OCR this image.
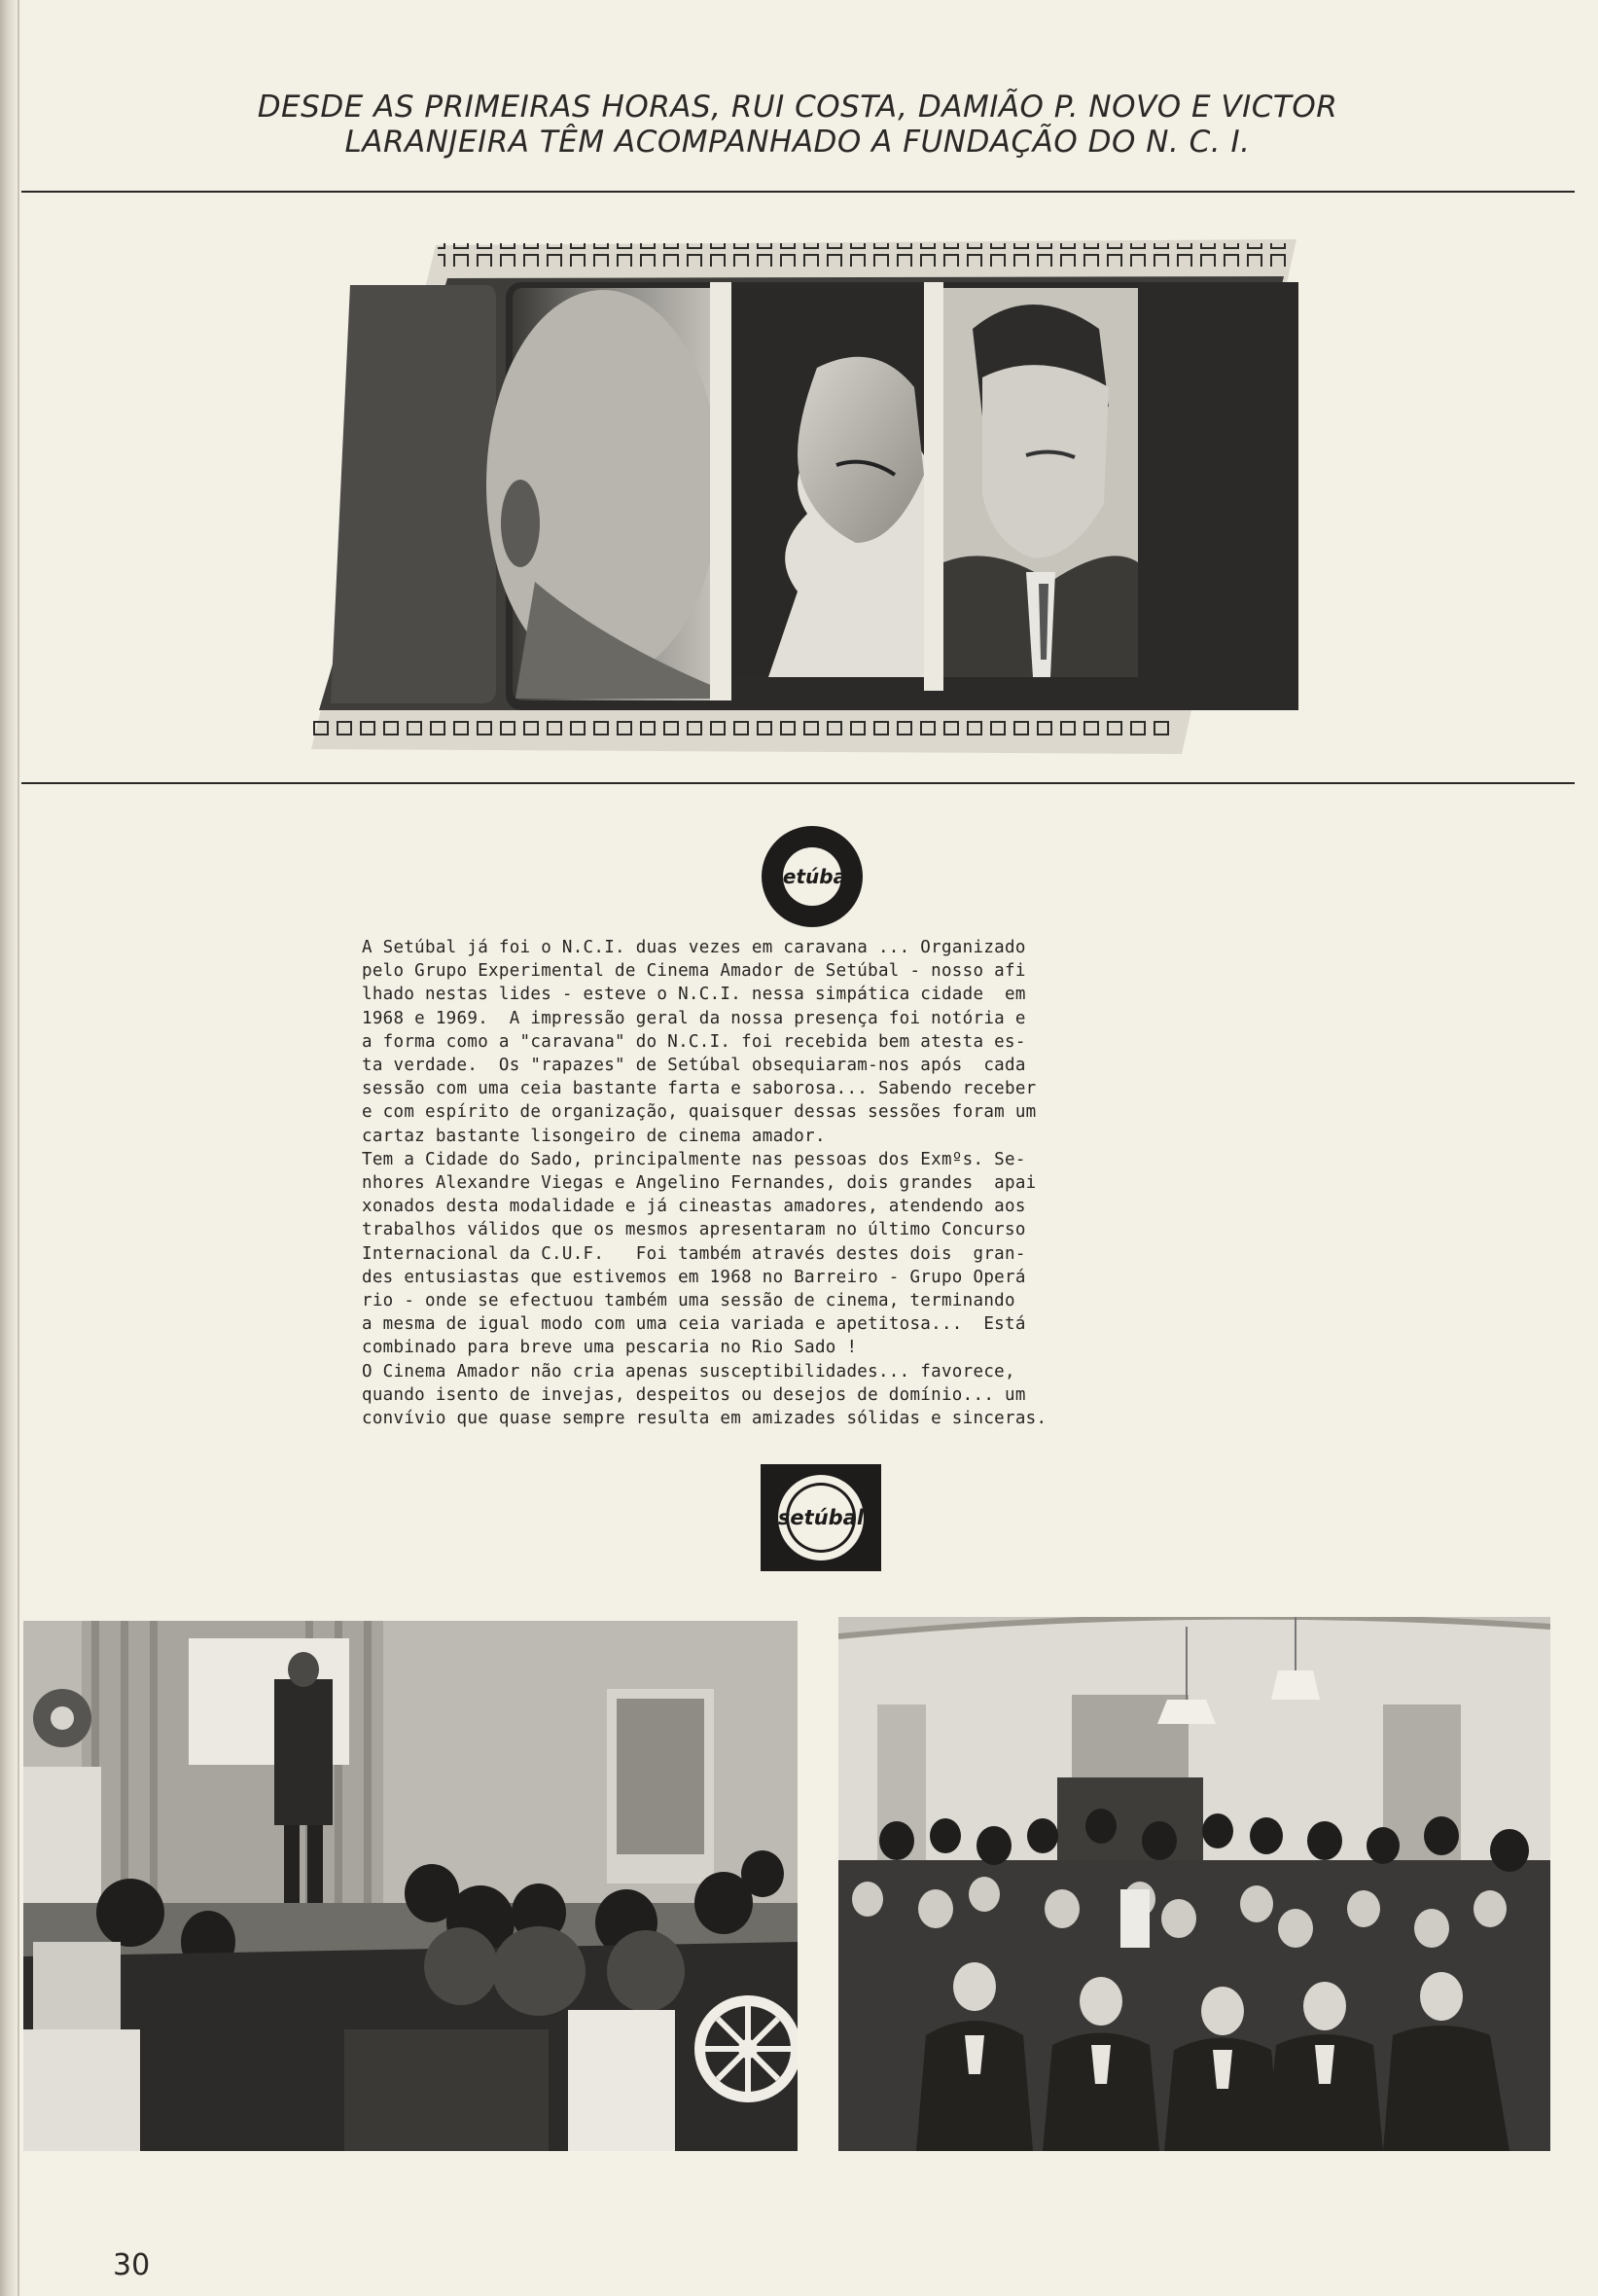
DESDE AS PRIMEIRAS HORAS, RUI COSTA, DAMIÃO P. NOVO E VICTOR
LARANJEIRA TÊM ACOMPANHADO A FUNDAÇÃO DO N. C. I.
setúbal
A Setúbal já foi o N.C.I. duas vezes em caravana ... Organizado
pelo Grupo Experimental de Cinema Amador de Setúbal - nosso afi
lhado nestas lides - esteve o N.C.I. nessa simpática cidade  em
1968 e 1969.  A impressão geral da nossa presença foi notória e
a forma como a "caravana" do N.C.I. foi recebida bem atesta es-
ta verdade.  Os "rapazes" de Setúbal obsequiaram-nos após  cada
sessão com uma ceia bastante farta e saborosa... Sabendo receber
e com espírito de organização, quaisquer dessas sessões foram um
cartaz bastante lisongeiro de cinema amador.
Tem a Cidade do Sado, principalmente nas pessoas dos Exmºs. Se-
nhores Alexandre Viegas e Angelino Fernandes, dois grandes  apai
xonados desta modalidade e já cineastas amadores, atendendo aos
trabalhos válidos que os mesmos apresentaram no último Concurso
Internacional da C.U.F.   Foi também através destes dois  gran-
des entusiastas que estivemos em 1968 no Barreiro - Grupo Operá
rio - onde se efectuou também uma sessão de cinema, terminando
a mesma de igual modo com uma ceia variada e apetitosa...  Está
combinado para breve uma pescaria no Rio Sado !
O Cinema Amador não cria apenas susceptibilidades... favorece,
quando isento de invejas, despeitos ou desejos de domínio... um
convívio que quase sempre resulta em amizades sólidas e sinceras.
setúbal
30
